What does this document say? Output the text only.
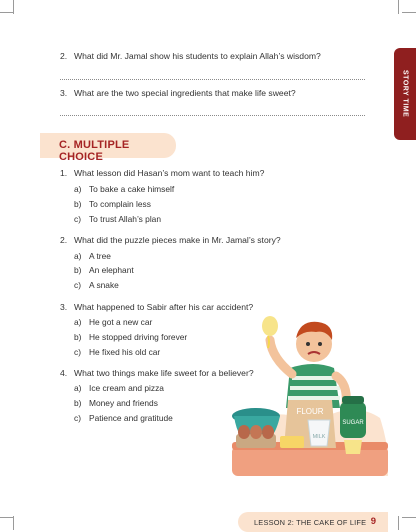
STORY TIME
2. What did Mr. Jamal show his students to explain Allah’s wisdom?
3. What are the two special ingredients that make life sweet?
C. MULTIPLE CHOICE
1. What lesson did Hasan’s mom want to teach him?
a) To bake a cake himself
b) To complain less
c) To trust Allah’s plan
2. What did the puzzle pieces make in Mr. Jamal’s story?
a) A tree
b) An elephant
c) A snake
3. What happened to Sabir after his car accident?
a) He got a new car
b) He stopped driving forever
c) He fixed his old car
4. What two things make life sweet for a believer?
a) Ice cream and pizza
b) Money and friends
c) Patience and gratitude
FLOUR
SUGAR
MILK
LESSON 2: THE CAKE OF LIFE 9
